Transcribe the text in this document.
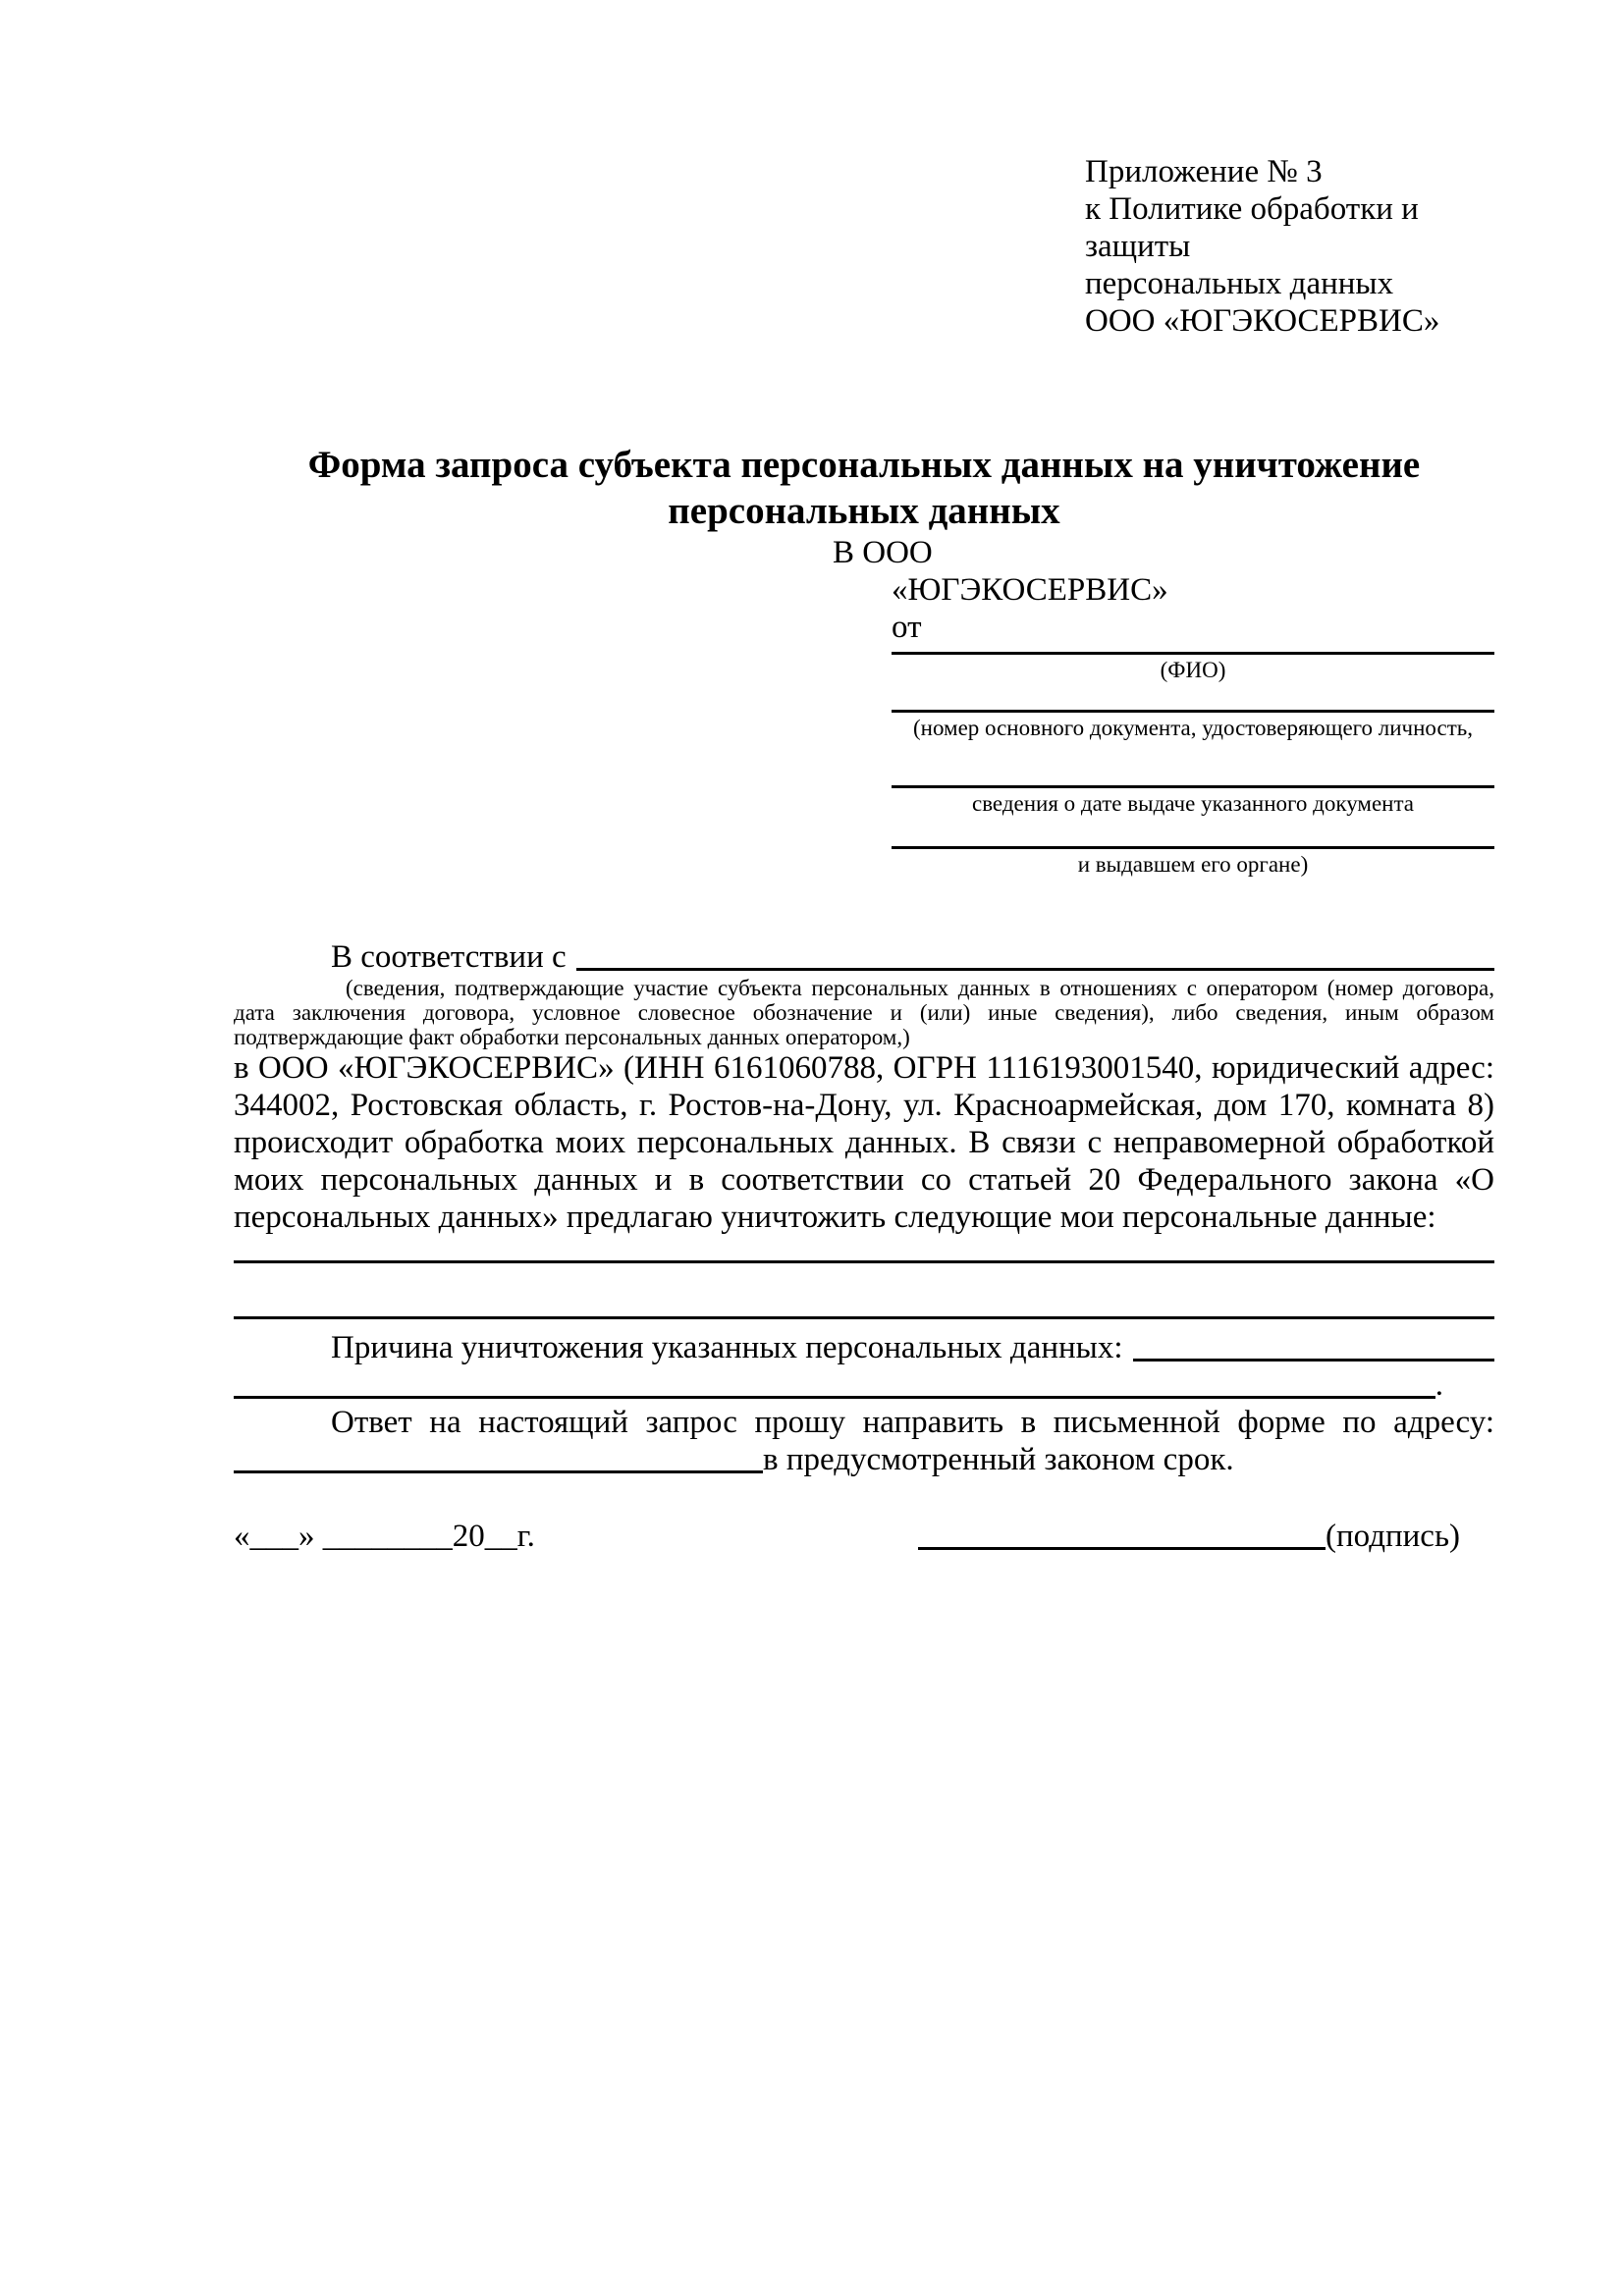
Приложение № 3
к Политике обработки и защиты
персональных данных
ООО «ЮГЭКОСЕРВИС»
Форма запроса субъекта персональных данных на уничтожение
персональных данных
В ООО
«ЮГЭКОСЕРВИС»
от
(ФИО)
(номер основного документа, удостоверяющего личность,
сведения о дате выдаче указанного документа
и выдавшем его органе)
В соответствии с
(сведения, подтверждающие участие субъекта персональных данных в отношениях с оператором (номер договора, дата заключения договора, условное словесное обозначение и (или) иные сведения), либо сведения, иным образом подтверждающие факт обработки персональных данных оператором,)
в ООО «ЮГЭКОСЕРВИС» (ИНН 6161060788, ОГРН 1116193001540, юридический адрес: 344002, Ростовская область, г. Ростов-на-Дону, ул. Красноармейская, дом 170, комната 8) происходит обработка моих персональных данных. В связи с неправомерной обработкой моих персональных данных и в соответствии со статьей 20 Федерального закона «О персональных данных» предлагаю уничтожить следующие мои персональные данные:
Причина уничтожения указанных персональных данных:
.
Ответ на настоящий запрос прошу направить в письменной форме по адресу:
в предусмотренный законом срок.
«___» ________20__г.	(подпись)
